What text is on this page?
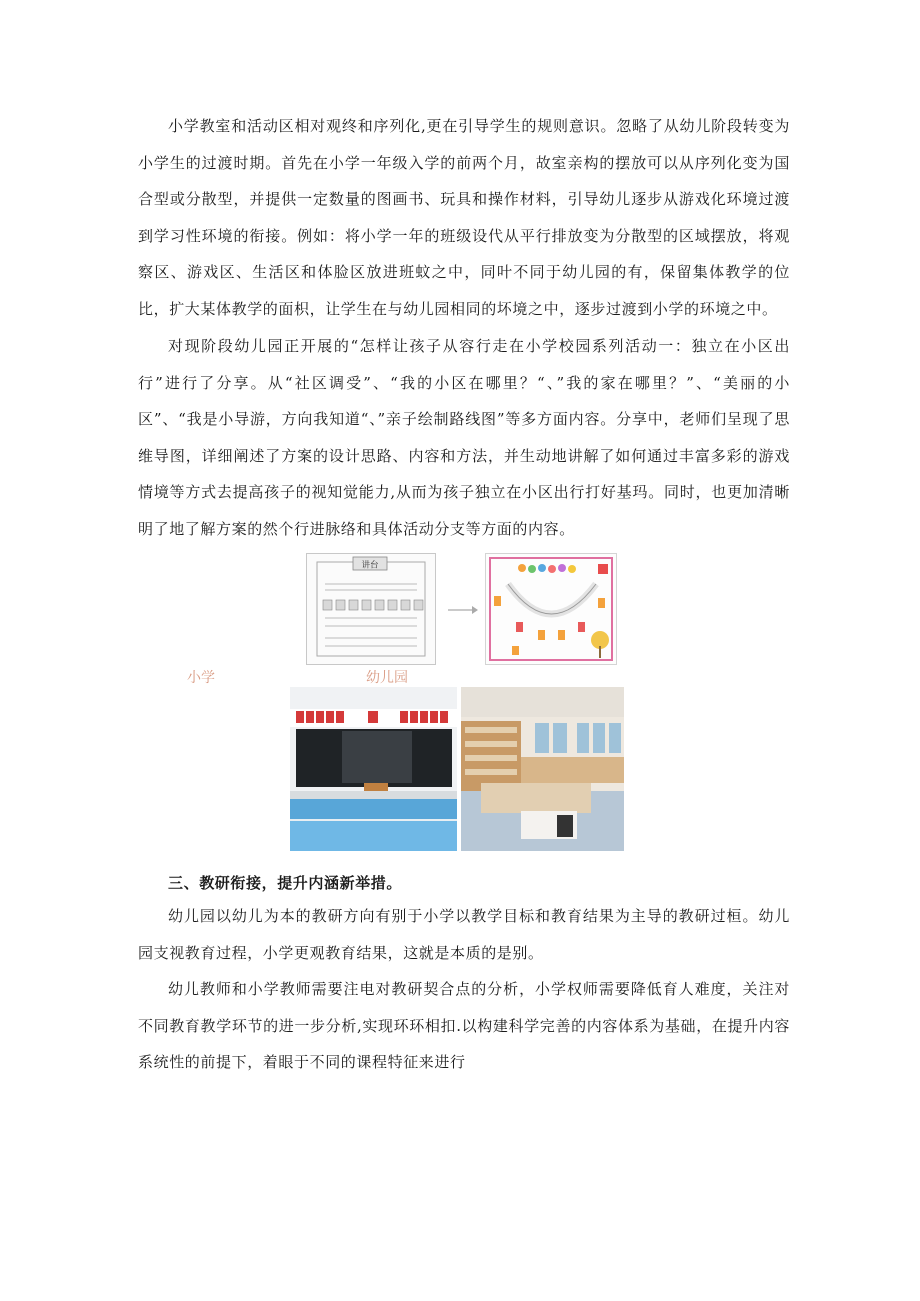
小学教室和活动区相对观终和序列化,更在引导学生的规则意识。忽略了从幼儿阶段转变为小学生的过渡时期。首先在小学一年级入学的前两个月，故室亲构的摆放可以从序列化变为国合型或分散型，并提供一定数量的图画书、玩具和操作材料，引导幼儿逐步从游戏化环境过渡到学习性环境的衔接。例如：将小学一年的班级设代从平行排放变为分散型的区域摆放，将观察区、游戏区、生活区和体脸区放进班蚊之中，同叶不同于幼儿园的有，保留集体教学的位比，扩大某体教学的面枳，让学生在与幼儿园相同的坏境之中，逐步过渡到小学的环境之中。

对现阶段幼儿园正开展的“怎样让孩子从容行走在小学校园系列活动一：独立在小区出行”进行了分享。从“社区调受”、“我的小区在哪里？“、”我的家在哪里？”、“美丽的小区”、“我是小导游，方向我知道“、”亲子绘制路线图”等多方面内容。分享中，老师们呈现了思维导图，详细阐述了方案的设计思路、内容和方法，并生动地讲解了如何通过丰富多彩的游戏情境等方式去提高孩子的视知觉能力,从而为孩子独立在小区出行打好基玛。同时，也更加清晰明了地了解方案的然个行进脉络和具体活动分支等方面的内容。

讲台
小学	幼儿园
三、教研衔接，提升内涵新举措。

幼儿园以幼儿为本的教研方向有别于小学以教学目标和教育结果为主导的教研过桓。幼儿园支视教育过程，小学更观教育结果，这就是本质的是别。

幼儿教师和小学教师需要注电对教研契合点的分析，小学权师需要降低育人难度，关注对不同教育教学环节的进一步分析,实现环环相扣.以构建科学完善的内容体系为基础，在提升内容系统性的前提下，着眼于不同的课程特征来进行
